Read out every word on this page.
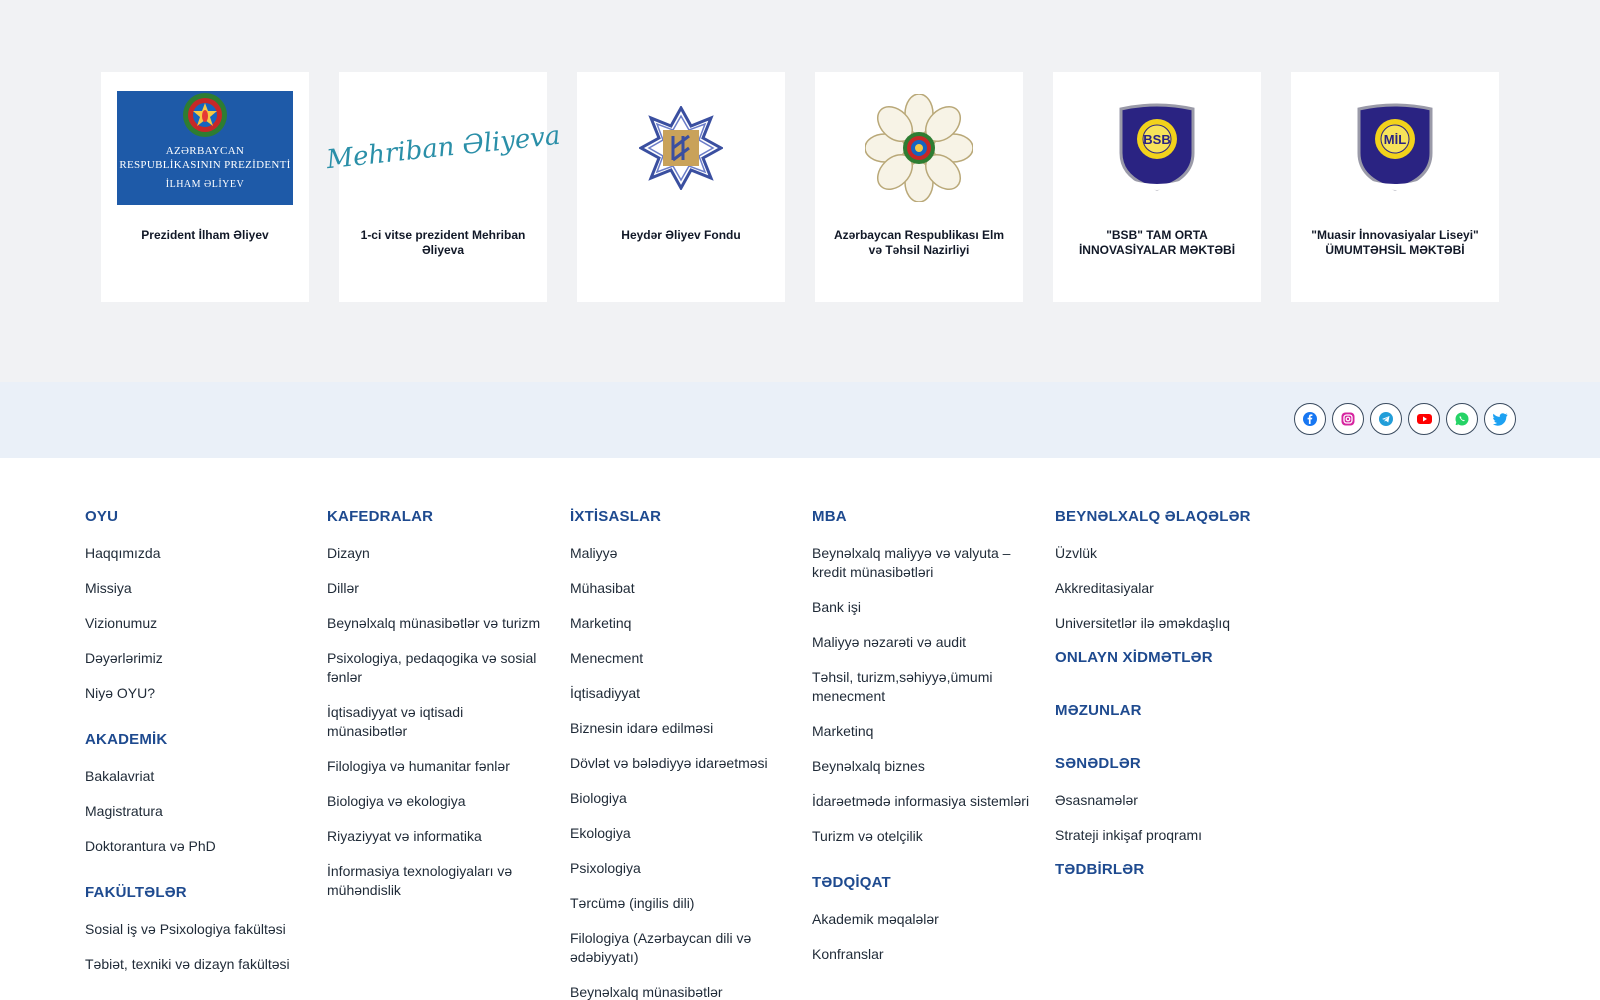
AZƏRBAYCAN
RESPUBLİKASININ PREZİDENTİ
İLHAM ƏLİYEV
Prezident İlham Əliyev
Mehriban Əliyeva
1-ci vitse prezident Mehriban Əliyeva
Heydər Əliyev Fondu	Azərbaycan Respublikası Elm və Təhsil Nazirliyi
BSB
"BSB" TAM ORTA İNNOVASİYALAR MƏKTƏBİ
MİL
"Muasir İnnovasiyalar Liseyi" ÜMUMTƏHSİL MƏKTƏBİ
OYU
Haqqımızda
Missiya
Vizionumuz
Dəyərlərimiz
Niyə OYU?
AKADEMİK
Bakalavriat
Magistratura
Doktorantura və PhD
FAKÜLTƏLƏR
Sosial iş və Psixologiya fakültəsi
Təbiət, texniki və dizayn fakültəsi
KAFEDRALAR
Dizayn
Dillər
Beynəlxalq münasibətlər və turizm
Psixologiya, pedaqogika və sosial fənlər
İqtisadiyyat və iqtisadi münasibətlər
Filologiya və humanitar fənlər
Biologiya və ekologiya
Riyaziyyat və informatika
İnformasiya texnologiyaları və mühəndislik
İXTİSASLAR
Maliyyə
Mühasibat
Marketinq
Menecment
İqtisadiyyat
Biznesin idarə edilməsi
Dövlət və bələdiyyə idarəetməsi
Biologiya
Ekologiya
Psixologiya
Tərcümə (ingilis dili)
Filologiya (Azərbaycan dili və ədəbiyyatı)
Beynəlxalq münasibətlər
MBA
Beynəlxalq maliyyə və valyuta – kredit münasibətləri
Bank işi
Maliyyə nəzarəti və audit
Təhsil, turizm,səhiyyə,ümumi menecment
Marketinq
Beynəlxalq biznes
İdarəetmədə informasiya sistemləri
Turizm və otelçilik
TƏDQİQAT
Akademik məqalələr
Konfranslar
BEYNƏLXALQ ƏLAQƏLƏR
Üzvlük
Akkreditasiyalar
Universitetlər ilə əməkdaşlıq
ONLAYN XİDMƏTLƏR
MƏZUNLAR
SƏNƏDLƏR
Əsasnamələr
Strateji inkişaf proqramı
TƏDBİRLƏR
